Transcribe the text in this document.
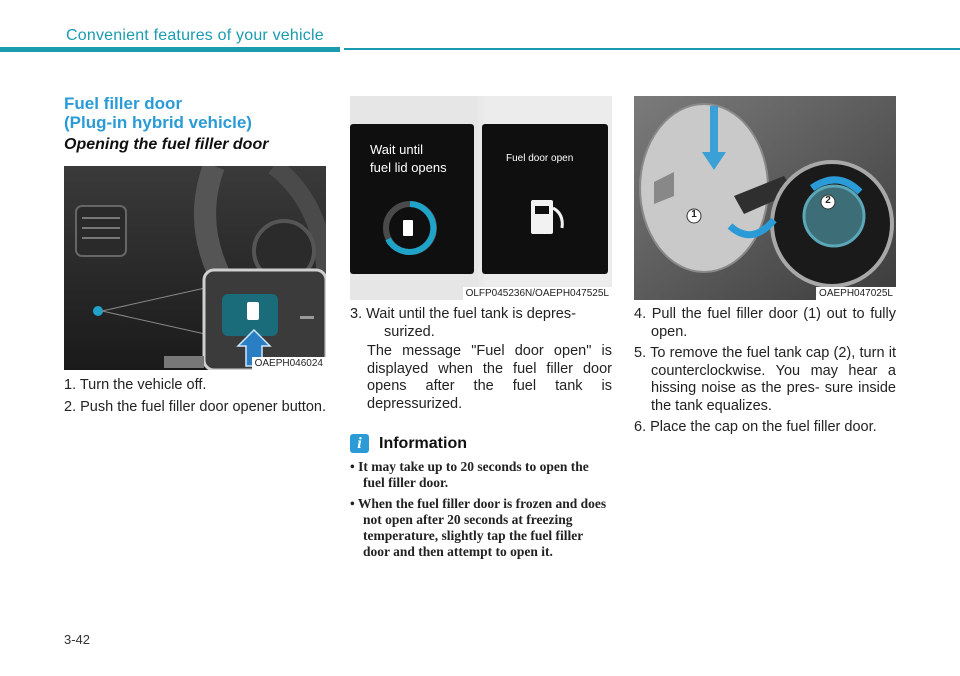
Convenient features of your vehicle
Fuel filler door
(Plug-in hybrid vehicle)
Opening the fuel filler door
OAEPH046024
1. Turn the vehicle off.
2. Push the fuel filler door opener button.
Wait until
fuel lid opens
Fuel door open
OLFP045236N/OAEPH047525L
3. Wait until the fuel tank is depres-
surized.
The message "Fuel door open" is displayed when the fuel filler door opens after the fuel tank is depressurized.
i	Information
• It may take up to 20 seconds to open the fuel filler door.
• When the fuel filler door is frozen and does not open after 20 seconds at freezing temperature, slightly tap the fuel filler door and then attempt to open it.
1
2
OAEPH047025L
4. Pull the fuel filler door (1) out to fully open.
5. To remove the fuel tank cap (2), turn it counterclockwise. You may hear a hissing noise as the pres- sure inside the tank equalizes.
6. Place the cap on the fuel filler door.
3-42
